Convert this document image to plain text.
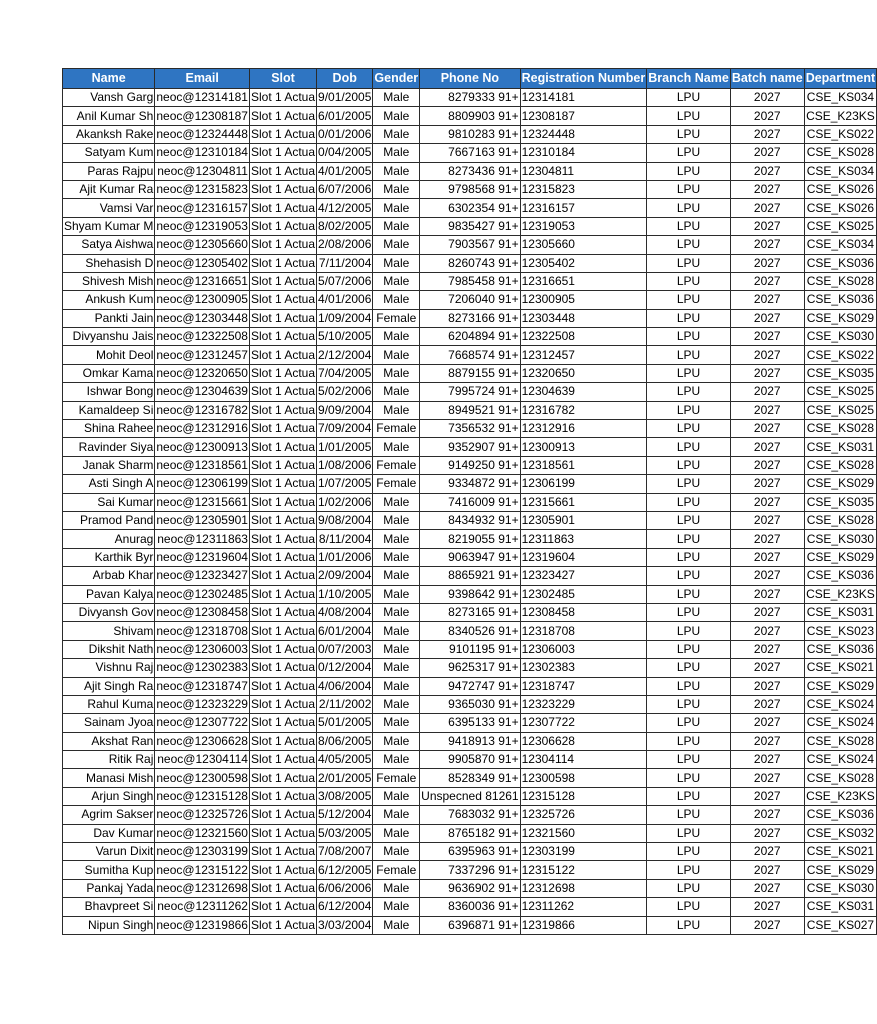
Name	Email	Slot	Dob	Gender	Phone No	Registration Number	Branch Name	Batch name	Department
Vansh Garg	12314181@neoc	Slot 1 Actua	9/01/2005	Male	+91 8279333	12314181	LPU	2027	CSE_KS034
Anil Kumar Sh	12308187@neoc	Slot 1 Actua	6/01/2005	Male	+91 8809903	12308187	LPU	2027	CSE_K23KS
Akanksh Rake	12324448@neoc	Slot 1 Actua	0/01/2006	Male	+91 9810283	12324448	LPU	2027	CSE_KS022
Satyam Kum	12310184@neoc	Slot 1 Actua	0/04/2005	Male	+91 7667163	12310184	LPU	2027	CSE_KS028
Paras Rajpu	12304811@neoc	Slot 1 Actua	4/01/2005	Male	+91 8273436	12304811	LPU	2027	CSE_KS034
Ajit Kumar Ra	12315823@neoc	Slot 1 Actua	6/07/2006	Male	+91 9798568	12315823	LPU	2027	CSE_KS026
Vamsi Var	12316157@neoc	Slot 1 Actua	4/12/2005	Male	+91 6302354	12316157	LPU	2027	CSE_KS026
Shyam Kumar M	12319053@neoc	Slot 1 Actua	8/02/2005	Male	+91 9835427	12319053	LPU	2027	CSE_KS025
Satya Aishwa	12305660@neoc	Slot 1 Actua	2/08/2006	Male	+91 7903567	12305660	LPU	2027	CSE_KS034
Shehasish D	12305402@neoc	Slot 1 Actua	7/11/2004	Male	+91 8260743	12305402	LPU	2027	CSE_KS036
Shivesh Mish	12316651@neoc	Slot 1 Actua	5/07/2006	Male	+91 7985458	12316651	LPU	2027	CSE_KS028
Ankush Kum	12300905@neoc	Slot 1 Actua	4/01/2006	Male	+91 7206040	12300905	LPU	2027	CSE_KS036
Pankti Jain	12303448@neoc	Slot 1 Actua	1/09/2004	Female	+91 8273166	12303448	LPU	2027	CSE_KS029
Divyanshu Jais	12322508@neoc	Slot 1 Actua	5/10/2005	Male	+91 6204894	12322508	LPU	2027	CSE_KS030
Mohit Deol	12312457@neoc	Slot 1 Actua	2/12/2004	Male	+91 7668574	12312457	LPU	2027	CSE_KS022
Omkar Kama	12320650@neoc	Slot 1 Actua	7/04/2005	Male	+91 8879155	12320650	LPU	2027	CSE_KS035
Ishwar Bong	12304639@neoc	Slot 1 Actua	5/02/2006	Male	+91 7995724	12304639	LPU	2027	CSE_KS025
Kamaldeep Si	12316782@neoc	Slot 1 Actua	9/09/2004	Male	+91 8949521	12316782	LPU	2027	CSE_KS025
Shina Rahee	12312916@neoc	Slot 1 Actua	7/09/2004	Female	+91 7356532	12312916	LPU	2027	CSE_KS028
Ravinder Siya	12300913@neoc	Slot 1 Actua	1/01/2005	Male	+91 9352907	12300913	LPU	2027	CSE_KS031
Janak Sharm	12318561@neoc	Slot 1 Actua	1/08/2006	Female	+91 9149250	12318561	LPU	2027	CSE_KS028
Asti Singh A	12306199@neoc	Slot 1 Actua	1/07/2005	Female	+91 9334872	12306199	LPU	2027	CSE_KS029
Sai Kumar	12315661@neoc	Slot 1 Actua	1/02/2006	Male	+91 7416009	12315661	LPU	2027	CSE_KS035
Pramod Pand	12305901@neoc	Slot 1 Actua	9/08/2004	Male	+91 8434932	12305901	LPU	2027	CSE_KS028
Anurag	12311863@neoc	Slot 1 Actua	8/11/2004	Male	+91 8219055	12311863	LPU	2027	CSE_KS030
Karthik Byr	12319604@neoc	Slot 1 Actua	1/01/2006	Male	+91 9063947	12319604	LPU	2027	CSE_KS029
Arbab Khar	12323427@neoc	Slot 1 Actua	2/09/2004	Male	+91 8865921	12323427	LPU	2027	CSE_KS036
Pavan Kalya	12302485@neoc	Slot 1 Actua	1/10/2005	Male	+91 9398642	12302485	LPU	2027	CSE_K23KS
Divyansh Gov	12308458@neoc	Slot 1 Actua	4/08/2004	Male	+91 8273165	12308458	LPU	2027	CSE_KS031
Shivam	12318708@neoc	Slot 1 Actua	6/01/2004	Male	+91 8340526	12318708	LPU	2027	CSE_KS023
Dikshit Nath	12306003@neoc	Slot 1 Actua	0/07/2003	Male	+91 9101195	12306003	LPU	2027	CSE_KS036
Vishnu Raj	12302383@neoc	Slot 1 Actua	0/12/2004	Male	+91 9625317	12302383	LPU	2027	CSE_KS021
Ajit Singh Ra	12318747@neoc	Slot 1 Actua	4/06/2004	Male	+91 9472747	12318747	LPU	2027	CSE_KS029
Rahul Kuma	12323229@neoc	Slot 1 Actua	2/11/2002	Male	+91 9365030	12323229	LPU	2027	CSE_KS024
Sainam Jyoa	12307722@neoc	Slot 1 Actua	5/01/2005	Male	+91 6395133	12307722	LPU	2027	CSE_KS024
Akshat Ran	12306628@neoc	Slot 1 Actua	8/06/2005	Male	+91 9418913	12306628	LPU	2027	CSE_KS028
Ritik Raj	12304114@neoc	Slot 1 Actua	4/05/2005	Male	+91 9905870	12304114	LPU	2027	CSE_KS024
Manasi Mish	12300598@neoc	Slot 1 Actua	2/01/2005	Female	+91 8528349	12300598	LPU	2027	CSE_KS028
Arjun Singh	12315128@neoc	Slot 1 Actua	3/08/2005	Male	Unspecned 81261	12315128	LPU	2027	CSE_K23KS
Agrim Sakser	12325726@neoc	Slot 1 Actua	5/12/2004	Male	+91 7683032	12325726	LPU	2027	CSE_KS036
Dav Kumar	12321560@neoc	Slot 1 Actua	5/03/2005	Male	+91 8765182	12321560	LPU	2027	CSE_KS032
Varun Dixit	12303199@neoc	Slot 1 Actua	7/08/2007	Male	+91 6395963	12303199	LPU	2027	CSE_KS021
Sumitha Kup	12315122@neoc	Slot 1 Actua	6/12/2005	Female	+91 7337296	12315122	LPU	2027	CSE_KS029
Pankaj Yada	12312698@neoc	Slot 1 Actua	6/06/2006	Male	+91 9636902	12312698	LPU	2027	CSE_KS030
Bhavpreet Si	12311262@neoc	Slot 1 Actua	6/12/2004	Male	+91 8360036	12311262	LPU	2027	CSE_KS031
Nipun Singh	12319866@neoc	Slot 1 Actua	3/03/2004	Male	+91 6396871	12319866	LPU	2027	CSE_KS027
